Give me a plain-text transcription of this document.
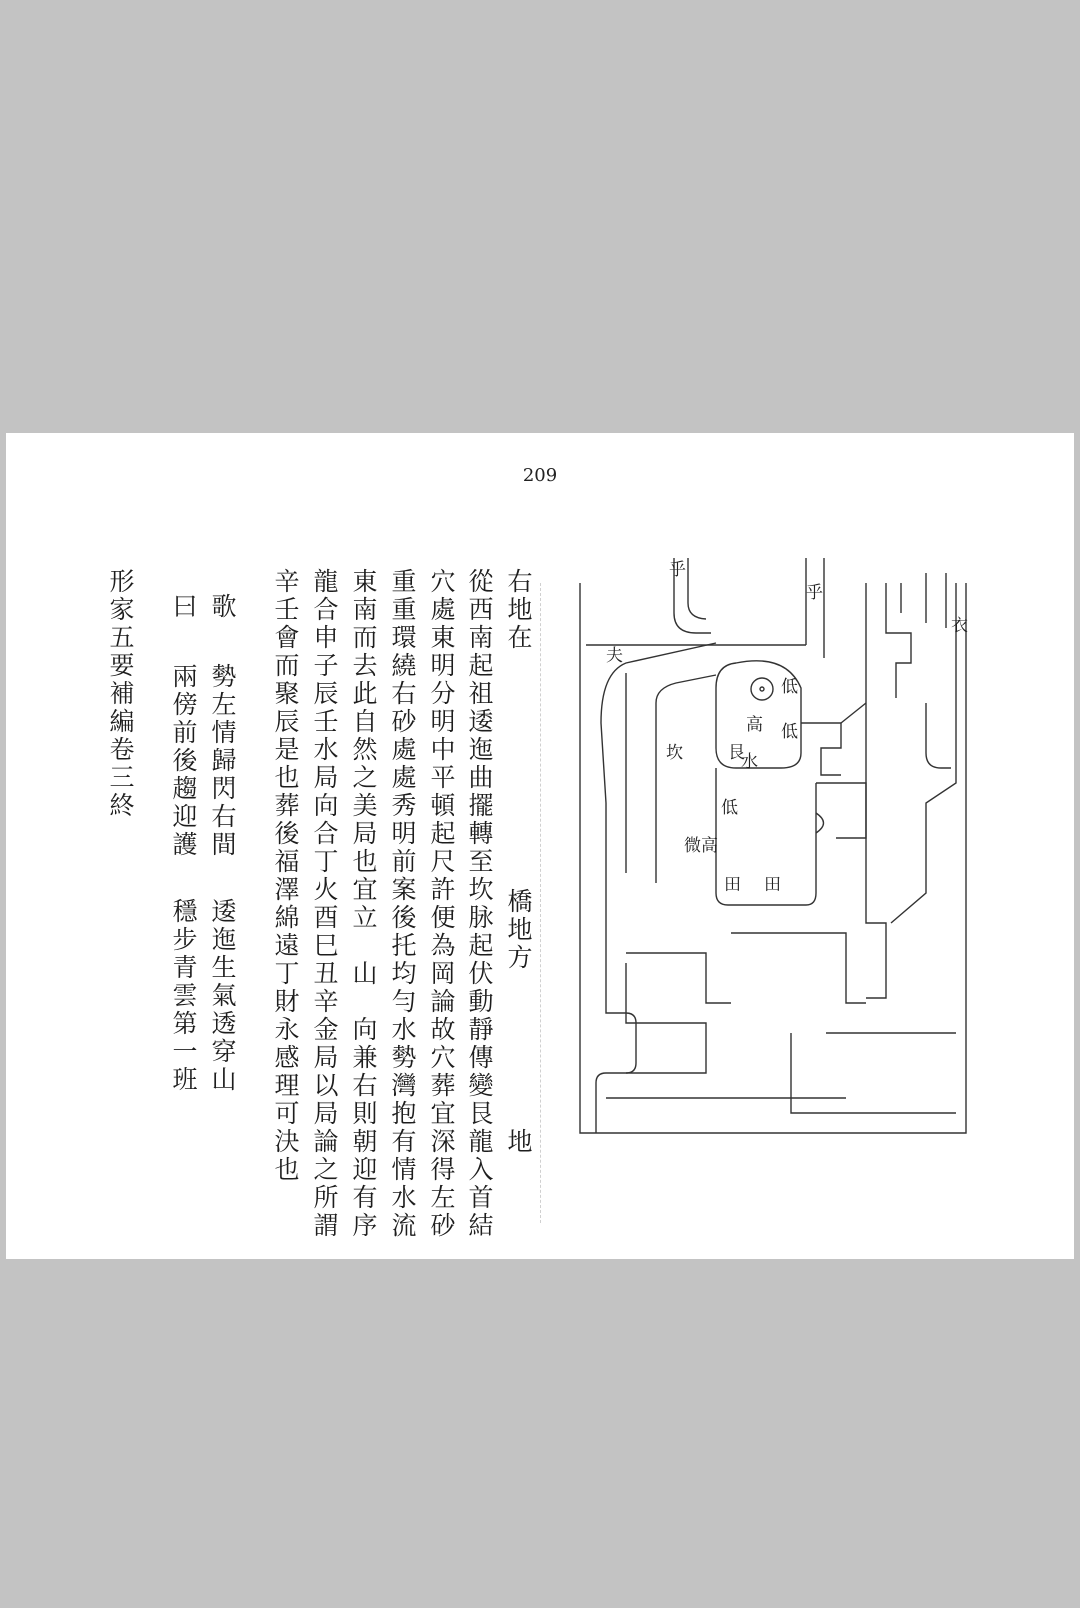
209
右地在
橋地方
地
從西南起祖逶迤曲擺轉至坎脉起伏動靜傳變艮龍入首結
穴處東明分明中平頓起尺許便為岡論故穴葬宜深得左砂
重重環繞右砂處處秀明前案後托均勻水勢灣抱有情水流
東南而去此自然之美局也宜立　山　向兼右則朝迎有序
龍合申子辰壬水局向合丁火酉巳丑辛金局以局論之所謂
辛壬會而聚辰是也葬後福澤綿遠丁財永感理可決也
歌
勢左情歸閃右間
逶迤生氣透穿山
曰
兩傍前後趨迎護
穩步青雲第一班
形家五要補編卷三終	乎
乎
衣
夫
坎
高
低
低
低
艮
水
微高
田 田
